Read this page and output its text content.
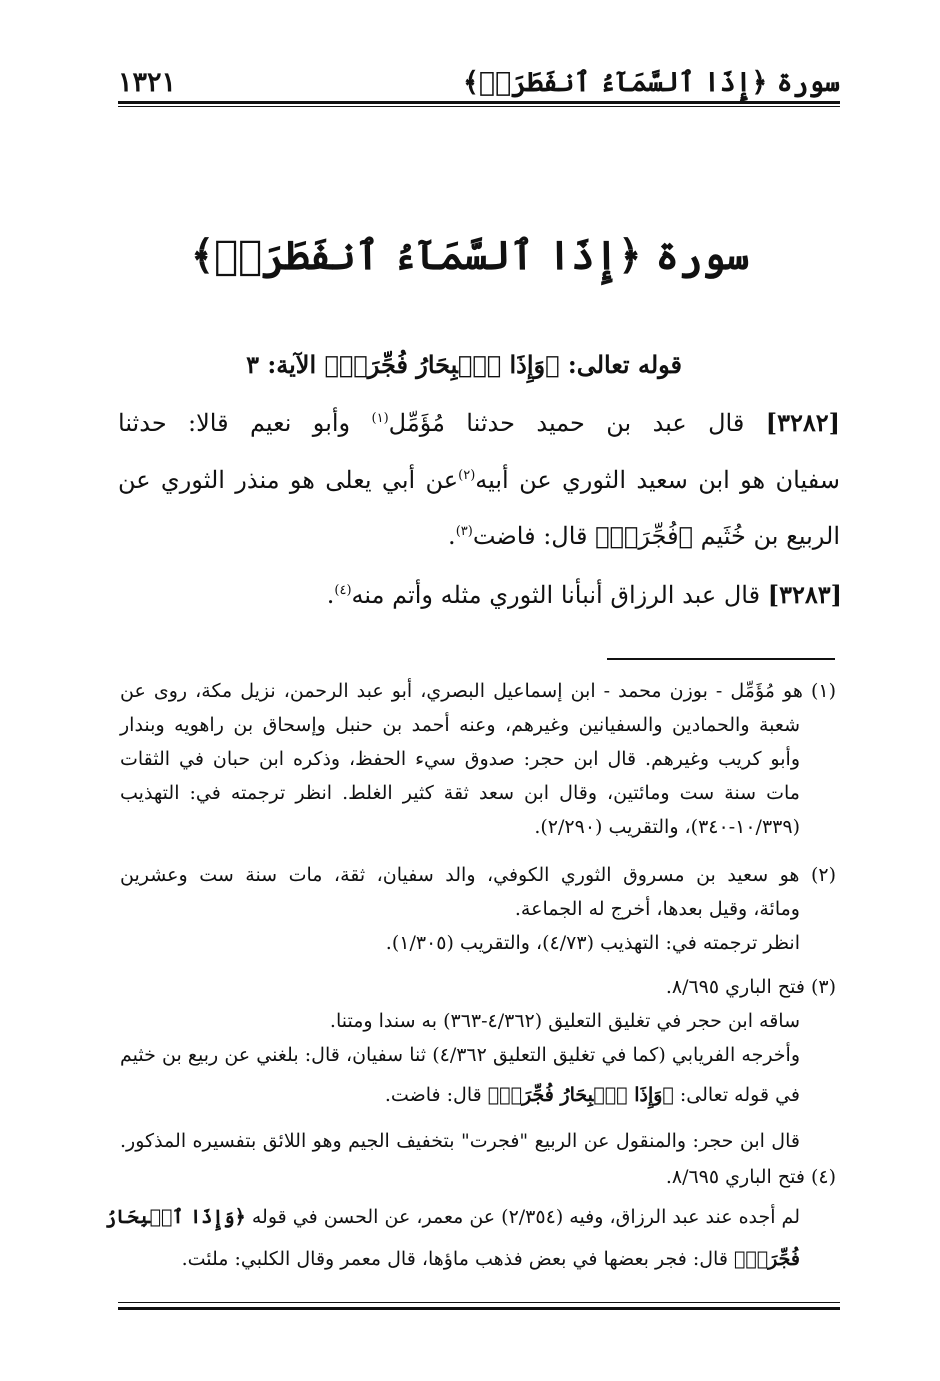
سورة ﴿إِذَا ٱلسَّمَآءُ ٱنفَطَرَتۡ﴾
١٣٢١
سورة ﴿إِذَا ٱلسَّمَآءُ ٱنفَطَرَتۡ﴾
قوله تعالى: ﴿وَإِذَا ٱلۡبِحَارُ فُجِّرَتۡ﴾ الآية: ٣
[٣٢٨٢] قال عبد بن حميد حدثنا مُؤَمِّل$^{(١)}$ وأبو نعيم قالا: حدثنا
سفيان هو ابن سعيد الثوري عن أبيه$^{(٢)}$عن أبي يعلى هو منذر الثوري عن
الربيع بن خُثَيم ﴿فُجِّرَتۡ﴾ قال: فاضت$^{(٣)}$.
[٣٢٨٣] قال عبد الرزاق أنبأنا الثوري مثله وأتم منه$^{(٤)}$.
(١) هو مُؤَمِّل - بوزن محمد - ابن إسماعيل البصري، أبو عبد الرحمن، نزيل مكة، روى عن
شعبة والحمادين والسفيانين وغيرهم، وعنه أحمد بن حنبل وإسحاق بن راهويه وبندار
وأبو كريب وغيرهم. قال ابن حجر: صدوق سيء الحفظ، وذكره ابن حبان في الثقات
مات سنة ست ومائتين، وقال ابن سعد ثقة كثير الغلط. انظر ترجمته في: التهذيب
(١٠/٣٣٩-٣٤٠)، والتقريب (٢/٢٩٠).
(٢) هو سعيد بن مسروق الثوري الكوفي، والد سفيان، ثقة، مات سنة ست وعشرين
ومائة، وقيل بعدها، أخرج له الجماعة.
انظر ترجمته في: التهذيب (٤/٧٣)، والتقريب (١/٣٠٥).
(٣) فتح الباري ٨/٦٩٥.
ساقه ابن حجر في تغليق التعليق (٤/٣٦٢-٣٦٣) به سندا ومتنا.
وأخرجه الفريابي (كما في تغليق التعليق ٤/٣٦٢) ثنا سفيان، قال: بلغني عن ربيع بن خثيم
في قوله تعالى: ﴿وَإِذَا ٱلۡبِحَارُ فُجِّرَتۡ﴾ قال: فاضت.
قال ابن حجر: والمنقول عن الربيع "فجرت" بتخفيف الجيم وهو اللائق بتفسيره المذكور.
(٤) فتح الباري ٨/٦٩٥.
لم أجده عند عبد الرزاق، وفيه (٢/٣٥٤) عن معمر، عن الحسن في قوله ﴿وَإِذَا ٱلۡبِحَارُ
فُجِّرَتۡ﴾ قال: فجر بعضها في بعض فذهب ماؤها، قال معمر وقال الكلبي: ملئت.
